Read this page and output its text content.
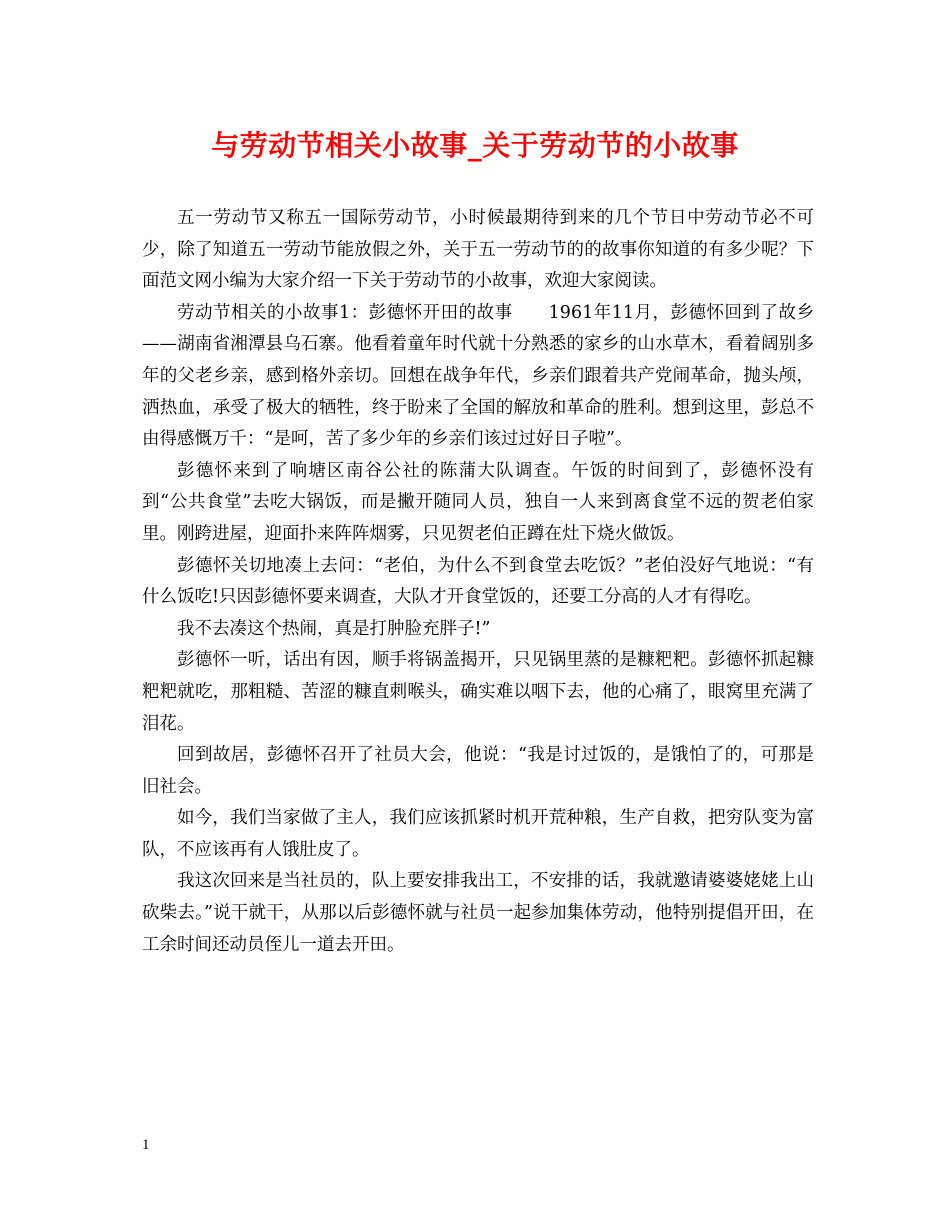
与劳动节相关小故事_关于劳动节的小故事

五一劳动节又称五一国际劳动节，小时候最期待到来的几个节日中劳动节必不可少，除了知道五一劳动节能放假之外，关于五一劳动节的的故事你知道的有多少呢？下面范文网小编为大家介绍一下关于劳动节的小故事，欢迎大家阅读。

劳动节相关的小故事1：彭德怀开田的故事　　1961年11月，彭德怀回到了故乡——湖南省湘潭县乌石寨。他看着童年时代就十分熟悉的家乡的山水草木，看着阔别多年的父老乡亲，感到格外亲切。回想在战争年代，乡亲们跟着共产党闹革命，抛头颅，洒热血，承受了极大的牺牲，终于盼来了全国的解放和革命的胜利。想到这里，彭总不由得感慨万千：“是呵，苦了多少年的乡亲们该过过好日子啦”。

彭德怀来到了响塘区南谷公社的陈蒲大队调查。午饭的时间到了，彭德怀没有到“公共食堂”去吃大锅饭，而是撇开随同人员，独自一人来到离食堂不远的贺老伯家里。刚跨进屋，迎面扑来阵阵烟雾，只见贺老伯正蹲在灶下烧火做饭。

彭德怀关切地凑上去问：“老伯，为什么不到食堂去吃饭？”老伯没好气地说：“有什么饭吃!只因彭德怀要来调查，大队才开食堂饭的，还要工分高的人才有得吃。

我不去凑这个热闹，真是打肿脸充胖子!”

彭德怀一听，话出有因，顺手将锅盖揭开，只见锅里蒸的是糠粑粑。彭德怀抓起糠粑粑就吃，那粗糙、苦涩的糠直刺喉头，确实难以咽下去，他的心痛了，眼窝里充满了泪花。

回到故居，彭德怀召开了社员大会，他说：“我是讨过饭的，是饿怕了的，可那是旧社会。

如今，我们当家做了主人，我们应该抓紧时机开荒种粮，生产自救，把穷队变为富队，不应该再有人饿肚皮了。

我这次回来是当社员的，队上要安排我出工，不安排的话，我就邀请婆婆姥姥上山砍柴去。”说干就干，从那以后彭德怀就与社员一起参加集体劳动，他特别提倡开田，在工余时间还动员侄儿一道去开田。

1
